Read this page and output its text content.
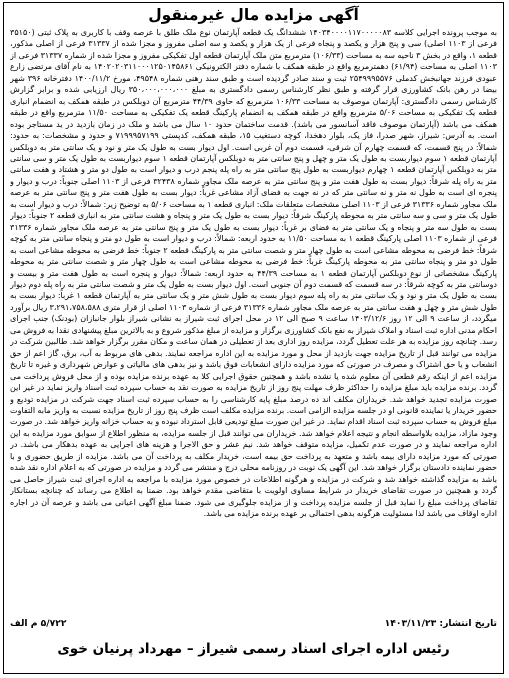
آگهی مزایده مال غیرمنقول
به موجب پرونده اجرایی کلاسه ۱۴۰۳۴۰۰۰۰۱۱۷۰۰۰۰۰۸۳ ششدانگ یک قطعه آپارتمان نوع ملک طلق با عرصه وقف با کاربری به پلاک ثبتی (۳۵۱۵۰ فرعی از ۱۱۰۳ اصلی) سی و پنج هزار و یکصد و پنجاه فرعی از یک هزار و یکصد و سه اصلی مفروز و مجزا شده از ۳۱۳۳۷ فرعی از اصلی مذکور، قطعه ۱، واقع در بخش ۳ ناحیه سه به مساحت (۱۰۶/۳۳) مترمربع متن ملک آپارتمان قطعه اول تفکیکی مفروز و مجزا شده از شماره ۳۱۳۳۷ فرعی از ۱۱۰۳ اصلی به مساحت (۶۱/۹۴) دهمترمربع واقع در طبقه همکف با شماره دفتر الکترونیکی ۱۴۰۲۰۲۰۳۱۱۰۰۰۱۲۵۰۱۴۵۸۶۱ به نام آقای مرتضی زارع عبودی فرزند جهانبخش کدملی ۲۵۴۹۹۹۵۵۷۶ ثبت و سند صادر گردیده است و طبق سند رهنی شماره ۴۹۵۴۸، مورخ ۱۴۰۰/۱۱/۲ دفترخانه ۳۹۶ شهر بیضا در رهن بانک کشاورزی قرار گرفته و طبق نظر کارشناس رسمی دادگستری به مبلغ ۳۵۰،۰۰۰،۰۰۰،۰۰۰ ریال ارزیابی شده و برابر گزارش کارشناس رسمی دادگستری: آپارتمان موصوف به مساحت ۱۰۶/۳۳ مترمربع که حاوی ۴۴/۳۹ مترمربع آن دوبلکس در طبقه همکف به انضمام انباری قطعه یک تفکیکی به مساحت ۵/۰۶ مترمربع واقع در طبقه همکف به انضمام پارکینگ قطعه یک تفکیکی به مساحت ۱۱/۵۰ مترمربع واقع در طبقه همکف می باشد (آپارتمان موصوف فاقد آسانسور می باشد). قدمت ساختمان حدود ۱۰ سال می باشد و ملک در زمان بازدید در ید مستاجر بوده است. به آدرس: شیراز، شهر صدرا، فاز یک، بلوار دهخدا، کوچه دستغیب ۱۵، طبقه همکف، کدپستی ۷۱۹۹۹۵۷۱۹۹ و حدود و مشخصات: به حدود: شمالاً: در پنج قسمت، که قسمت چهارم آن شرقی، قسمت دوم آن غربی است. اول دیوار بست به طول یک متر و نود و یک سانتی متر به دوبلکس آپارتمان قطعه ۱ سوم دیواربست به طول یک متر و چهل و پنج سانتی متر به دوبلکس آپارتمان قطعه ۱ سوم دیواربست به طول یک متر و سی سانتی متر به دوبلکس آپارتمان قطعه ۱ چهارم دیواربست به طول پنج سانتی متر به راه پله پنجم درب و دیوار است به طول دو متر و هشتاد و هفت سانتی متر به راه پله شرقاً: دیوار بست به طول هفت متر و پنج سانتی متر به عرصه ملک مجاور شماره ۳۲۴۳۸ فرعی از ۱۱۰۳ اصلی جنوباً: درب و دیوار و پنجره ای است به طول نه متر و نه سانتی متر که در نه جهت به فضای آزاد مشاعی غرباً: دیوار بست به طول هفت متر و پنج سانتی متر به عرصه ملک مجاور شماره ۳۱۳۳۶ فرعی از ۱۱۰۳ اصلی مشخصات متعلقات ملک: انباری قطعه ۱ به مساحت ۵/۰۶ به توضیح زیر: شمالاً: درب و دیوار است به طول یک متر و سی و سه سانتی متر به محوطه پارکینگ شرقاً: دیوار بست به طول یک متر و پنجاه و هشت سانتی متر به انباری قطعه ۲ جنوباً: دیوار بست به طول سه متر و پنجاه و یک سانتی متر به فضای بر غرباً: دیوار بست به طول یک متر و پنج سانتی متر به عرصه ملک مجاور شماره ۳۱۳۳۶ فرعی از شماره ۱۱۰۳ اصلی پارکینگ قطعه ۱ به مساحت ۱۱/۵۰ به حدود اربعه: شمالاً: درب و دیوار است به طول دو متر و پنجاه سانتی متر به کوچه شرقاً: خط فرضی به محوطه مشاعی است به طول چهار متر و شصت سانتی متر به پارکینگ قطعه ۲ جنوباً: خط فرضی به محوطه مشاعی است به طول دو متر و پنجاه سانتی متر به محوطه پارکینگ غرباً: خط فرضی به محوطه مشاعی است به طول چهار متر و شصت سانتی متر به محوطه پارکینگ مشخصاتی از نوع دوبلکس آپارتمان قطعه ۱ به مساحت ۴۴/۳۹ به حدود اربعه: شمالاً: دیوار و پنجره است به طول هفت متر و بیست و دوسانتی متر به کوچه شرقاً: در سه قسمت که قسمت دوم آن جنوبی است. اول دیوار بست به طول یک متر و شصت سانتی متر به راه پله دوم دیوار بست به طول یک متر و نود و یک سانتی متر به راه پله سوم دیوار بست به طول شش متر و یک سانتی متر به آپارتمان قطعه ۱ غرباً: دیوار بست به طول شش متر و چهل و هفت سانتی متر به عرصه ملک مجاور شماره ۳۱۳۳۶ فرعی از شماره ۱۱۰۳ اصلی از قرار متری ۳،۲۹۱،۷۵۸،۵۸۸ ریال برآورد میگردد، از ساعت ۹ الی ۱۲ روز ۱۴۰۳/۱۲/۶ ساعت ۹ صبح الی ۱۲ در محل اجرای ثبت شیراز به نشانی شیراز بلوار جانبازان (بودنک) جنب اجرای احکام مدنی اداره ثبت اسناد و املاک شیراز به نفع بانک کشاورزی برگزار و مزایده از مبلغ مذکور شروع و به بالاترین مبلغ پیشنهادی نقدا به فروش می رسد. چنانچه روز مزایده به هر علت تعطیل گردد، مزایده روز اداری بعد از تعطیلی در همان ساعت و مکان مقرر برگزار خواهد شد. طالبین شرکت در مزایده می توانند قبل از تاریخ مزایده جهت بازدید از محل و مورد مزایده به این اداره مراجعه نمایند. بدهی های مربوط به آب، برق، گاز اعم از حق انشعاب و یا حق اشتراک و مصرف در صورتی که مورد مزایده دارای انشعابات فوق باشد و نیز بدهی های مالیاتی و عوارض شهرداری و غیره تا تاریخ مزایده اعم از اینکه رقم قطعی آن معلوم شده یا نشده باشد و همچنین حقوق اجرایی کلا به عهده برنده مزایده بوده و از محل فروش پرداخت می گردد. برنده مزایده باید مبلغ مزایده را حداکثر ظرف مهلت پنج روز از تاریخ مزایده به صورت نقد به حساب سپرده ثبت اسناد واریز نماید در غیر این صورت مزایده تجدید خواهد شد. خریداران مکلف اند ده درصد مبلغ پایه کارشناسی را به حساب سپرده ثبت اسناد جهت شرکت در مزایده تودیع و حضور خریدار یا نماینده قانونی او در جلسه مزایده الزامی است. برنده مزایده مکلف است ظرف پنج روز از تاریخ مزایده نسبت به واریز مابه التفاوت مبلغ فروش به حساب سپرده ثبت اسناد اقدام نماید. در غیر این صورت مبلغ تودیعی قابل استرداد نبوده و به حساب خزانه واریز خواهد شد. در صورت وجود مازاد، مزایده بلاواسطه انجام و نتیجه اعلام خواهد شد. خریداران می توانند قبل از جلسه مزایده، به منظور اطلاع از سوابق مورد مزایده به این اداره مراجعه نمایند و در صورت عدم تکمیل، مزایده متوقف خواهد شد. نیم عشر و حق الاجرا و هزینه های اجرایی به عهده بدهکار می باشد. در صورتی که مورد مزایده دارای بیمه باشد و متعهد به پرداخت حق بیمه است، خریدار مکلف به پرداخت آن می باشد. مزایده از طریق حضوری و با حضور نماینده دادستان برگزار خواهد شد. این آگهی یک نوبت در روزنامه محلی درج و منتشر می گردد و مزایده در صورتی که به اعلام اداره نقد شده باشد به مزایده گذاشته خواهد شد و شرکت در مزایده و هرگونه اطلاعات در خصوص مورد مزایده با مراجعه به اداره اجرای ثبت شیراز حاصل می گردد و همچنین در صورت تقاضای خریدار در شرایط مساوی اولویت با متقاضی مقدم خواهد بود. ضمنا به اطلاع می رساند که چنانچه بستانکار تقاضای پرداخت مبلغ را نماید قبل از جلسه مزایده پرداخت و از مزایده جلوگیری می شود. ضمنا مبلغ آگهی اعیانی می باشد و عرصه آن در اجاره اداره اوقاف می باشد لذا مسئولیت هرگونه بدهی احتمالی بر عهده برنده مزایده می باشد.
تاریخ انتشار: ۱۴۰۳/۱۱/۲۳
۵/۷۲۲ م الف
رئیس اداره اجرای اسناد رسمی شیراز – مهرداد پرنیان خوی
